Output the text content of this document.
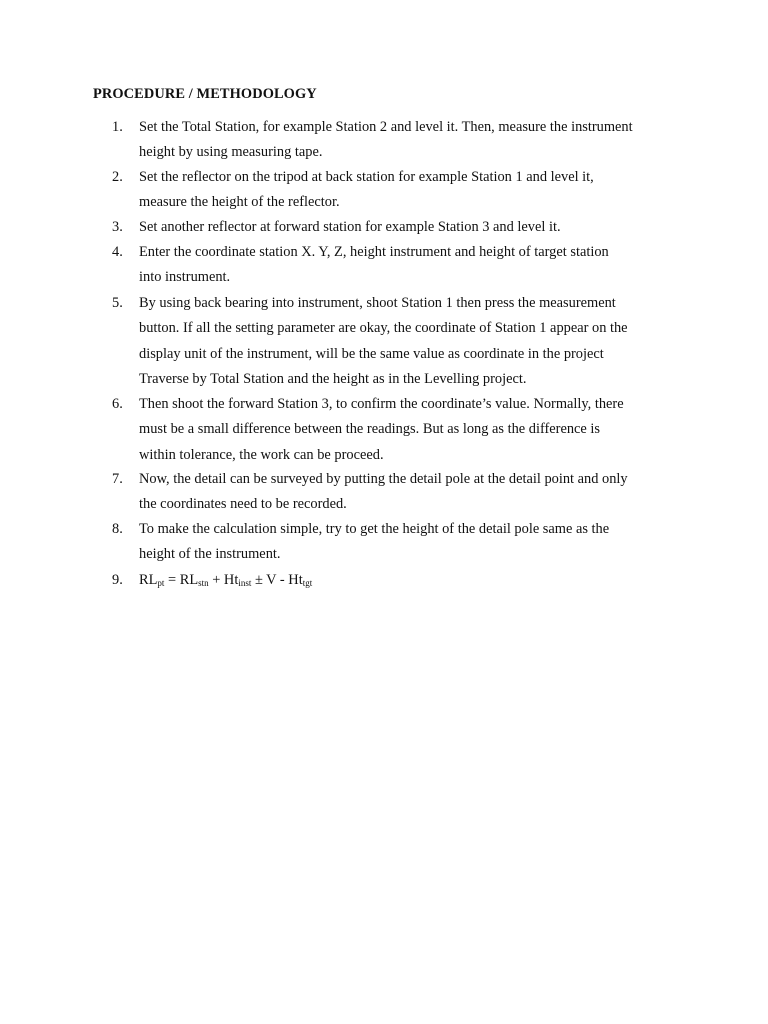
PROCEDURE / METHODOLOGY
1.	Set the Total Station, for example Station 2 and level it. Then, measure the instrument
height by using measuring tape.
2.	Set the reflector on the tripod at back station for example Station 1 and level it,
measure the height of the reflector.
3.	Set another reflector at forward station for example Station 3 and level it.
4.	Enter the coordinate station X. Y, Z, height instrument and height of target station
into instrument.
5.	By using back bearing into instrument, shoot Station 1 then press the measurement
button. If all the setting parameter are okay, the coordinate of Station 1 appear on the
display unit of the instrument, will be the same value as coordinate in the project
Traverse by Total Station and the height as in the Levelling project.
6.	Then shoot the forward Station 3, to confirm the coordinate’s value. Normally, there
must be a small difference between the readings. But as long as the difference is
within tolerance, the work can be proceed.
7.	Now, the detail can be surveyed by putting the detail pole at the detail point and only
the coordinates need to be recorded.
8.	To make the calculation simple, try to get the height of the detail pole same as the
height of the instrument.
9.	$RL_{pt} = RL_{stn} + Ht_{inst} \pm V - Ht_{tgt}$
